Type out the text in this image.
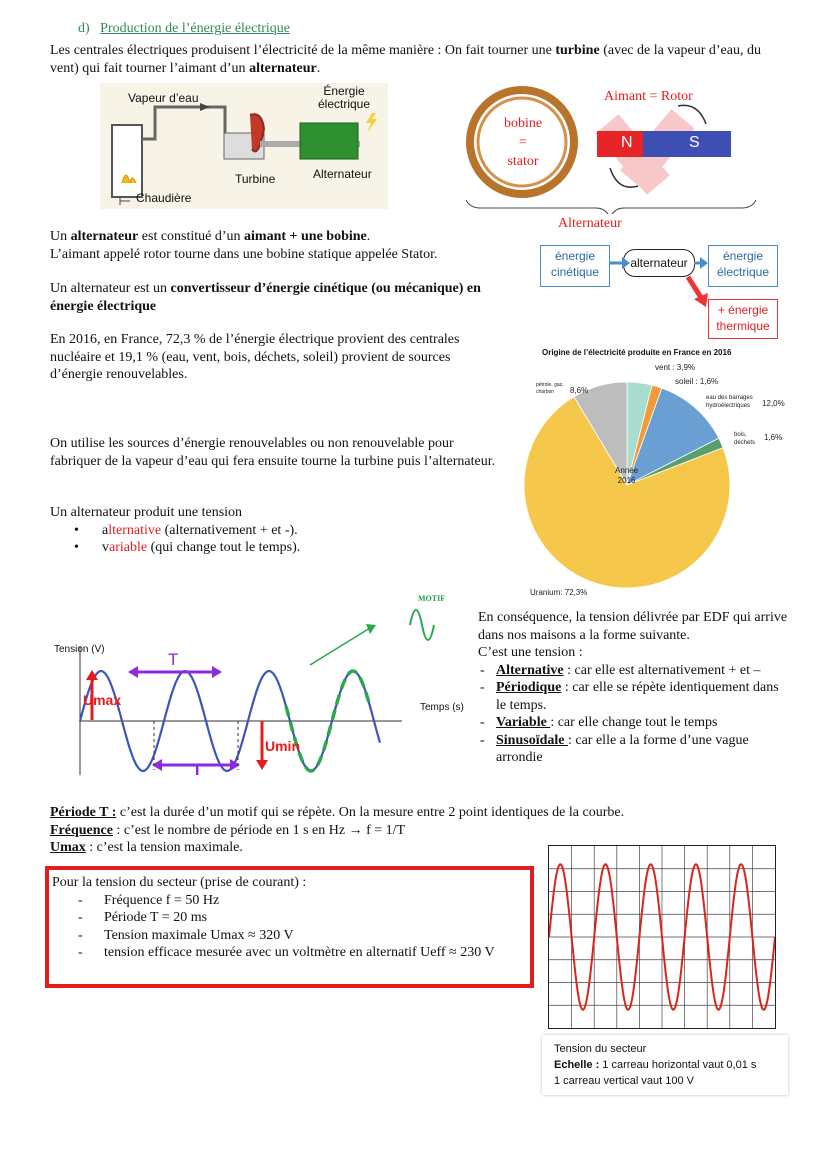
d) Production de l’énergie électrique
Les centrales électriques produisent l’électricité de la même manière : On fait tourner une turbine (avec de la vapeur d’eau, du vent) qui fait tourner l’aimant d’un alternateur.
Vapeur d’eau	Énergie
électrique
Turbine	Alternateur
Chaudière
Aimant = Rotor
bobine
=
stator
N	S
Alternateur
énergie
cinétique
alternateur	énergie
électrique
+ énergie
thermique
Un alternateur est constitué d’un aimant + une bobine.
L’aimant appelé rotor tourne dans une bobine statique appelée Stator.
Un alternateur est un convertisseur d’énergie cinétique (ou mécanique) en énergie électrique
En 2016, en France, 72,3 % de l’énergie électrique provient des centrales nucléaire et 19,1 % (eau, vent, bois, déchets, soleil) provient de sources d’énergie renouvelables.
On utilise les sources d’énergie renouvelables ou non renouvelable pour fabriquer de la vapeur d’eau qui fera ensuite tourne la turbine puis l’alternateur.
Un alternateur produit une tension
• alternative (alternativement + et -).
• variable (qui change tout le temps).
Origine de l’électricité produite en France en 2016
Année
2016
vent : 3,9%
soleil : 1,6%
eau des barrages hydroélectriques	12,0%
bois, déchets
1,6%
pétrole, gaz, charbon	8,6%
Uranium: 72,3%
MOTIF
Tension (V)
Temps (s)
T
T
Umax
Umin
En conséquence, la tension délivrée par EDF qui arrive dans nos maisons a la forme suivante.
C’est une tension :
- Alternative : car elle est alternativement + et –
- Périodique : car elle se répète identiquement dans le temps.
- Variable : car elle change tout le temps
- Sinusoïdale : car elle a la forme d’une vague arrondie
Période T : c’est la durée d’un motif qui se répète. On la mesure entre 2 point identiques de la courbe.
Fréquence : c’est le nombre de période en 1 s en Hz → f = 1/T
Umax : c’est la tension maximale.
Pour la tension du secteur (prise de courant) :
- Fréquence f = 50 Hz
- Période T = 20 ms
- Tension maximale Umax ≈ 320 V
- tension efficace mesurée avec un voltmètre en alternatif Ueff ≈ 230 V
Tension du secteur
Echelle : 1 carreau horizontal vaut 0,01 s
1 carreau vertical vaut 100 V
